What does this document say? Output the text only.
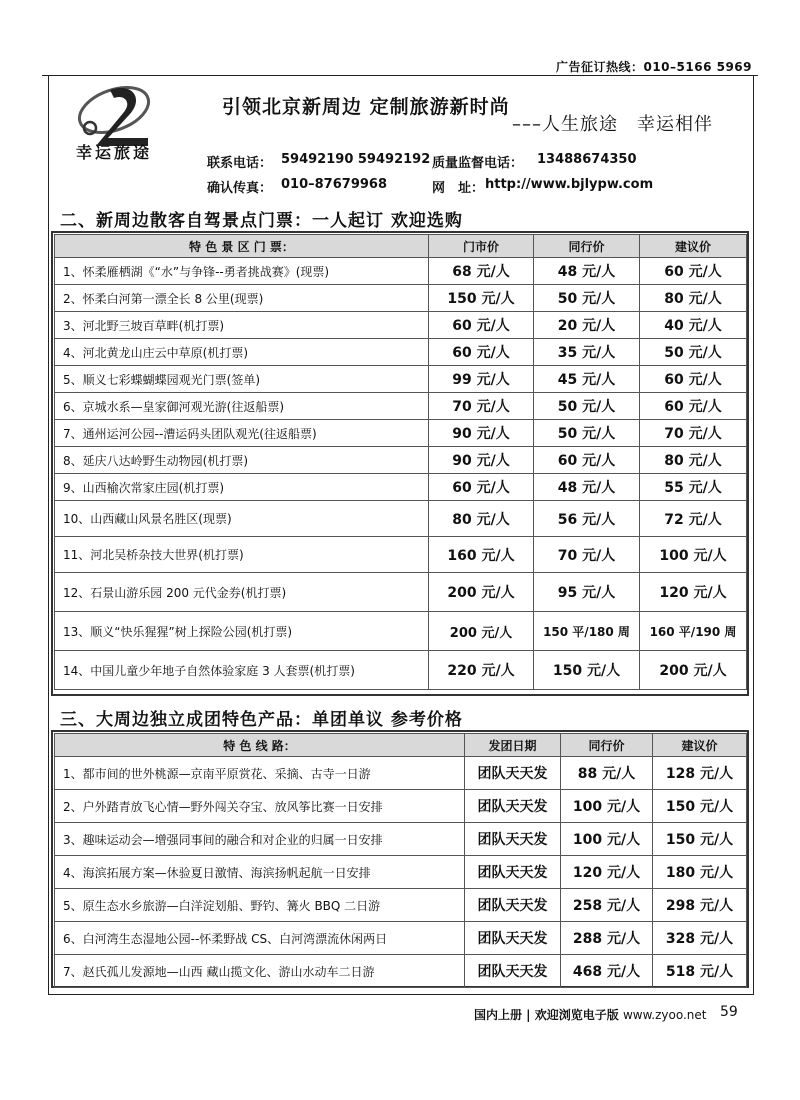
广告征订热线：010–5166 5969
幸运旅途
引领北京新周边 定制旅游新时尚
–––人生旅途　幸运相伴
联系电话： 59492190 59492192 质量监督电话： 13488674350
确认传真： 010–87679968	网　址： http://www.bjlypw.com
二、新周边散客自驾景点门票：一人起订 欢迎选购
特 色 景 区 门 票：	门市价	同行价	建议价
1、怀柔雁栖湖《“水”与争锋--勇者挑战赛》(现票)	68 元/人	48 元/人	60 元/人
2、怀柔白河第一漂全长 8 公里(现票)	150 元/人	50 元/人	80 元/人
3、河北野三坡百草畔(机打票)	60 元/人	20 元/人	40 元/人
4、河北黄龙山庄云中草原(机打票)	60 元/人	35 元/人	50 元/人
5、顺义七彩蝶蝴蝶园观光门票(签单)	99 元/人	45 元/人	60 元/人
6、京城水系—皇家御河观光游(往返船票)	70 元/人	50 元/人	60 元/人
7、通州运河公园--漕运码头团队观光(往返船票)	90 元/人	50 元/人	70 元/人
8、延庆八达岭野生动物园(机打票)	90 元/人	60 元/人	80 元/人
9、山西榆次常家庄园(机打票)	60 元/人	48 元/人	55 元/人
10、山西藏山风景名胜区(现票)	80 元/人	56 元/人	72 元/人
11、河北吴桥杂技大世界(机打票)	160 元/人	70 元/人	100 元/人
12、石景山游乐园 200 元代金券(机打票)	200 元/人	95 元/人	120 元/人
13、顺义“快乐猩猩”树上探险公园(机打票)	200 元/人	150 平/180 周	160 平/190 周
14、中国儿童少年地子自然体验家庭 3 人套票(机打票)	220 元/人	150 元/人	200 元/人
三、大周边独立成团特色产品：单团单议 参考价格
特 色 线 路：	发团日期	同行价	建议价
1、都市间的世外桃源—京南平原赏花、采摘、古寺一日游	团队天天发	88 元/人	128 元/人
2、户外踏青放飞心情—野外闯关夺宝、放风筝比赛一日安排	团队天天发	100 元/人	150 元/人
3、趣味运动会—增强同事间的融合和对企业的归属一日安排	团队天天发	100 元/人	150 元/人
4、海滨拓展方案—休验夏日激情、海滨扬帆起航一日安排	团队天天发	120 元/人	180 元/人
5、原生态水乡旅游—白洋淀划船、野钓、篝火 BBQ 二日游	团队天天发	258 元/人	298 元/人
6、白河湾生态湿地公园--怀柔野战 CS、白河湾漂流休闲两日	团队天天发	288 元/人	328 元/人
7、赵氏孤儿发源地—山西 藏山揽文化、游山水动车二日游	团队天天发	468 元/人	518 元/人
国内上册 | 欢迎浏览电子版 www.zyoo.net 59
